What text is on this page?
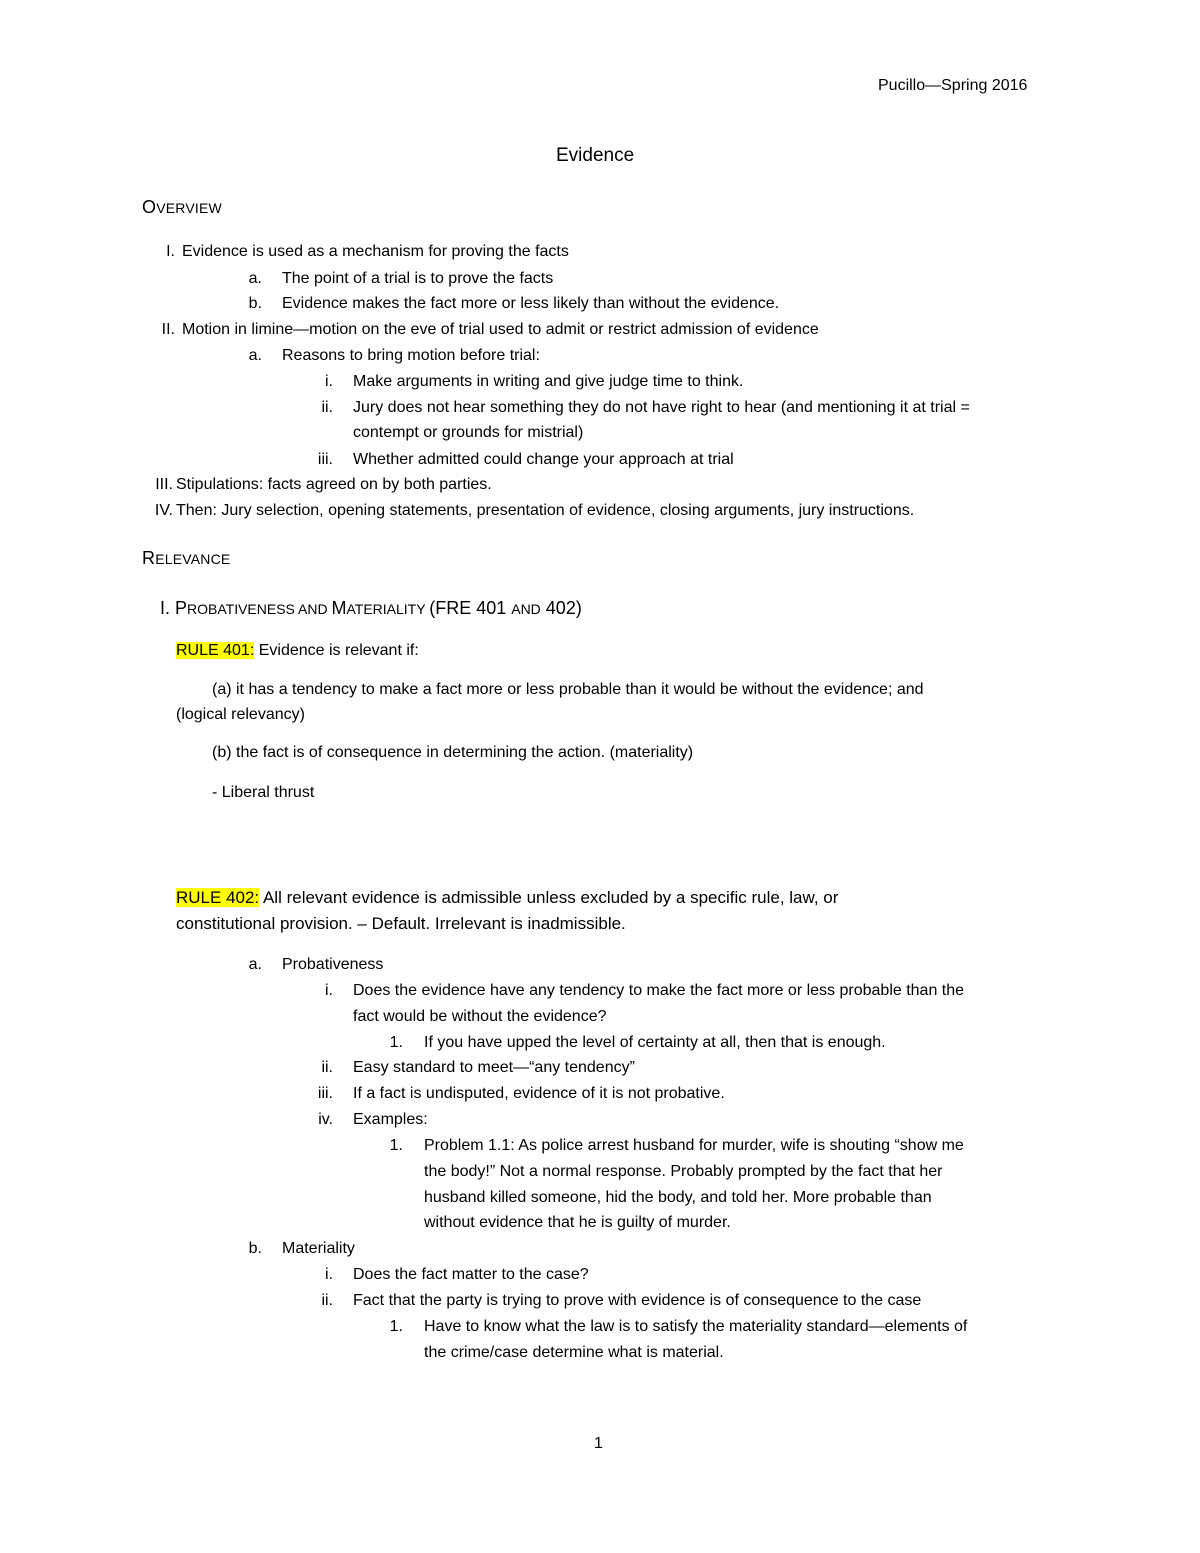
Pucillo—Spring 2016
Evidence
OVERVIEW
I. Evidence is used as a mechanism for proving the facts
a. The point of a trial is to prove the facts
b. Evidence makes the fact more or less likely than without the evidence.
II. Motion in limine—motion on the eve of trial used to admit or restrict admission of evidence
a. Reasons to bring motion before trial:
i. Make arguments in writing and give judge time to think.
ii. Jury does not hear something they do not have right to hear (and mentioning it at trial =
contempt or grounds for mistrial)
iii. Whether admitted could change your approach at trial
III. Stipulations: facts agreed on by both parties.
IV. Then: Jury selection, opening statements, presentation of evidence, closing arguments, jury instructions.
RELEVANCE
I. PROBATIVENESS AND MATERIALITY (FRE 401 AND 402)
RULE 401: Evidence is relevant if:
(a) it has a tendency to make a fact more or less probable than it would be without the evidence; and
(logical relevancy)
(b) the fact is of consequence in determining the action. (materiality)
- Liberal thrust
RULE 402: All relevant evidence is admissible unless excluded by a specific rule, law, or
constitutional provision. – Default. Irrelevant is inadmissible.
a. Probativeness
i. Does the evidence have any tendency to make the fact more or less probable than the
fact would be without the evidence?
1. If you have upped the level of certainty at all, then that is enough.
ii. Easy standard to meet—“any tendency”
iii. If a fact is undisputed, evidence of it is not probative.
iv. Examples:
1. Problem 1.1: As police arrest husband for murder, wife is shouting “show me
the body!” Not a normal response. Probably prompted by the fact that her
husband killed someone, hid the body, and told her. More probable than
without evidence that he is guilty of murder.
b. Materiality
i. Does the fact matter to the case?
ii. Fact that the party is trying to prove with evidence is of consequence to the case
1. Have to know what the law is to satisfy the materiality standard—elements of
the crime/case determine what is material.
1
